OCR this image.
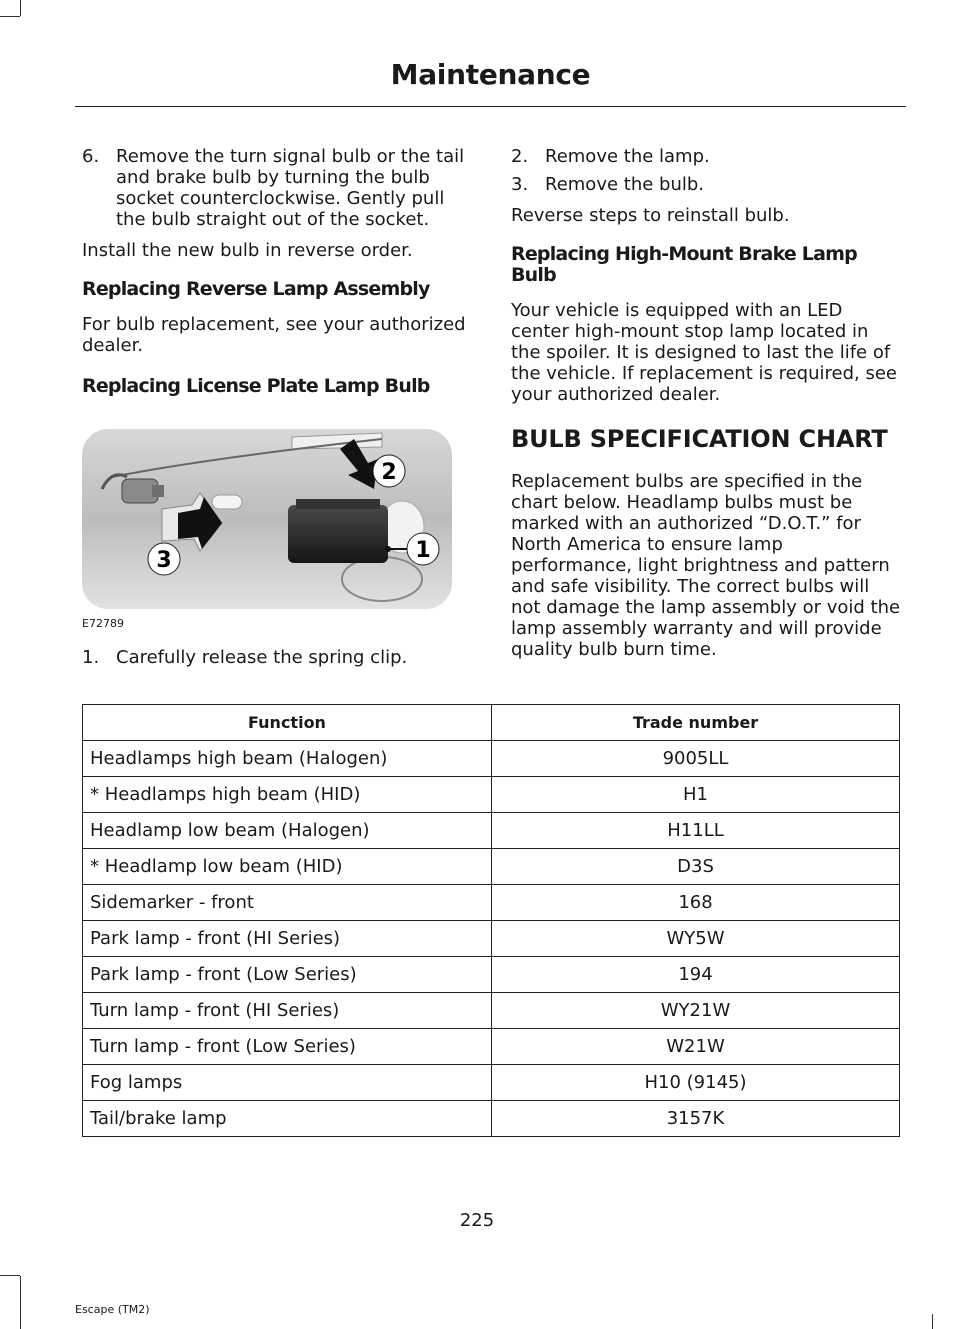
Maintenance
6. Remove the turn signal bulb or the tail and brake bulb by turning the bulb socket counterclockwise. Gently pull the bulb straight out of the socket.

Install the new bulb in reverse order.

Replacing Reverse Lamp Assembly

For bulb replacement, see your authorized dealer.

Replacing License Plate Lamp Bulb
1
2
3
E72789
1. Carefully release the spring clip.
2. Remove the lamp.
3. Remove the bulb.

Reverse steps to reinstall bulb.

Replacing High-Mount Brake Lamp Bulb

Your vehicle is equipped with an LED center high-mount stop lamp located in the spoiler. It is designed to last the life of the vehicle. If replacement is required, see your authorized dealer.

BULB SPECIFICATION CHART

Replacement bulbs are specified in the chart below. Headlamp bulbs must be marked with an authorized “D.O.T.” for North America to ensure lamp performance, light brightness and pattern and safe visibility. The correct bulbs will not damage the lamp assembly or void the lamp assembly warranty and will provide quality bulb burn time.

Function	Trade number
Headlamps high beam (Halogen)	9005LL
* Headlamps high beam (HID)	H1
Headlamp low beam (Halogen)	H11LL
* Headlamp low beam (HID)	D3S
Sidemarker - front	168
Park lamp - front (HI Series)	WY5W
Park lamp - front (Low Series)	194
Turn lamp - front (HI Series)	WY21W
Turn lamp - front (Low Series)	W21W
Fog lamps	H10 (9145)
Tail/brake lamp	3157K
225
Escape (TM2)
